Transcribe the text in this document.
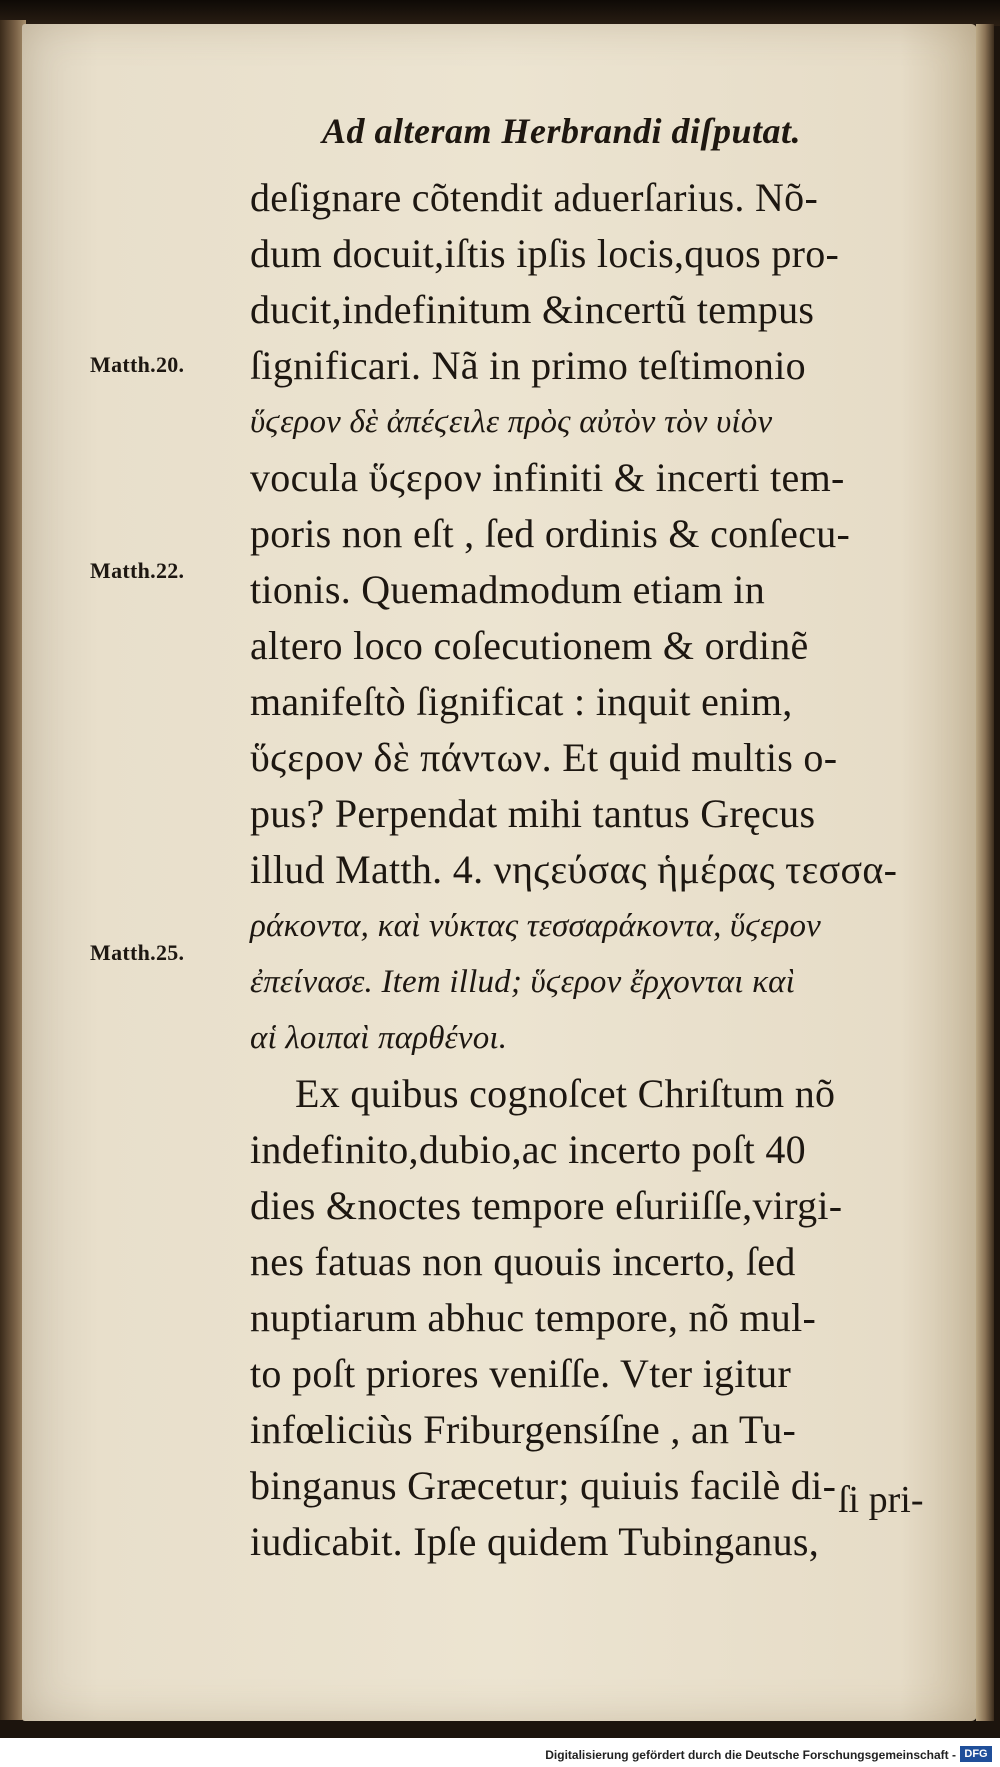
Ad alteram Herbrandi diſputat.
Matth.20.
Matth.22.
Matth.25.
deſignare cõtendit aduerſarius. Nõ-
dum docuit,iſtis ipſis locis,quos pro-
ducit,indefinitum &incertũ tempus
ſignificari. Nã in primo teſtimonio
ὕϛερον δὲ ἀπέϛειλε πρὸς αὐτὸν τὸν υἱὸν
vocula ὕϛερον infiniti & incerti tem-
poris non eſt , ſed ordinis & conſecu-
tionis. Quemadmodum etiam in
altero loco coſecutionem & ordinẽ
manifeſtò ſignificat : inquit enim,
ὕϛερον δὲ πάντων. Et quid multis o-
pus? Perpendat mihi tantus Gręcus
illud Matth. 4. νηϛεύσας ἡμέρας τεσσα-
ράκοντα, καὶ νύκτας τεσσαράκοντα, ὕϛερον
ἐπείνασε. Item illud; ὕϛερον ἔρχονται καὶ
αἱ λοιπαὶ παρθένοι.
Ex quibus cognoſcet Chriſtum nõ
indefinito,dubio,ac incerto poſt 40
dies &noctes tempore eſuriiſſe,virgi-
nes fatuas non quouis incerto, ſed
nuptiarum abhuc tempore, nõ mul-
to poſt priores veniſſe. Vter igitur
infœliciùs Friburgensíſne , an Tu-
binganus Græcetur; quiuis facilè di-
iudicabit. Ipſe quidem Tubinganus,
ſi pri-
Digitalisierung gefördert durch die Deutsche Forschungsgemeinschaft - DFG
